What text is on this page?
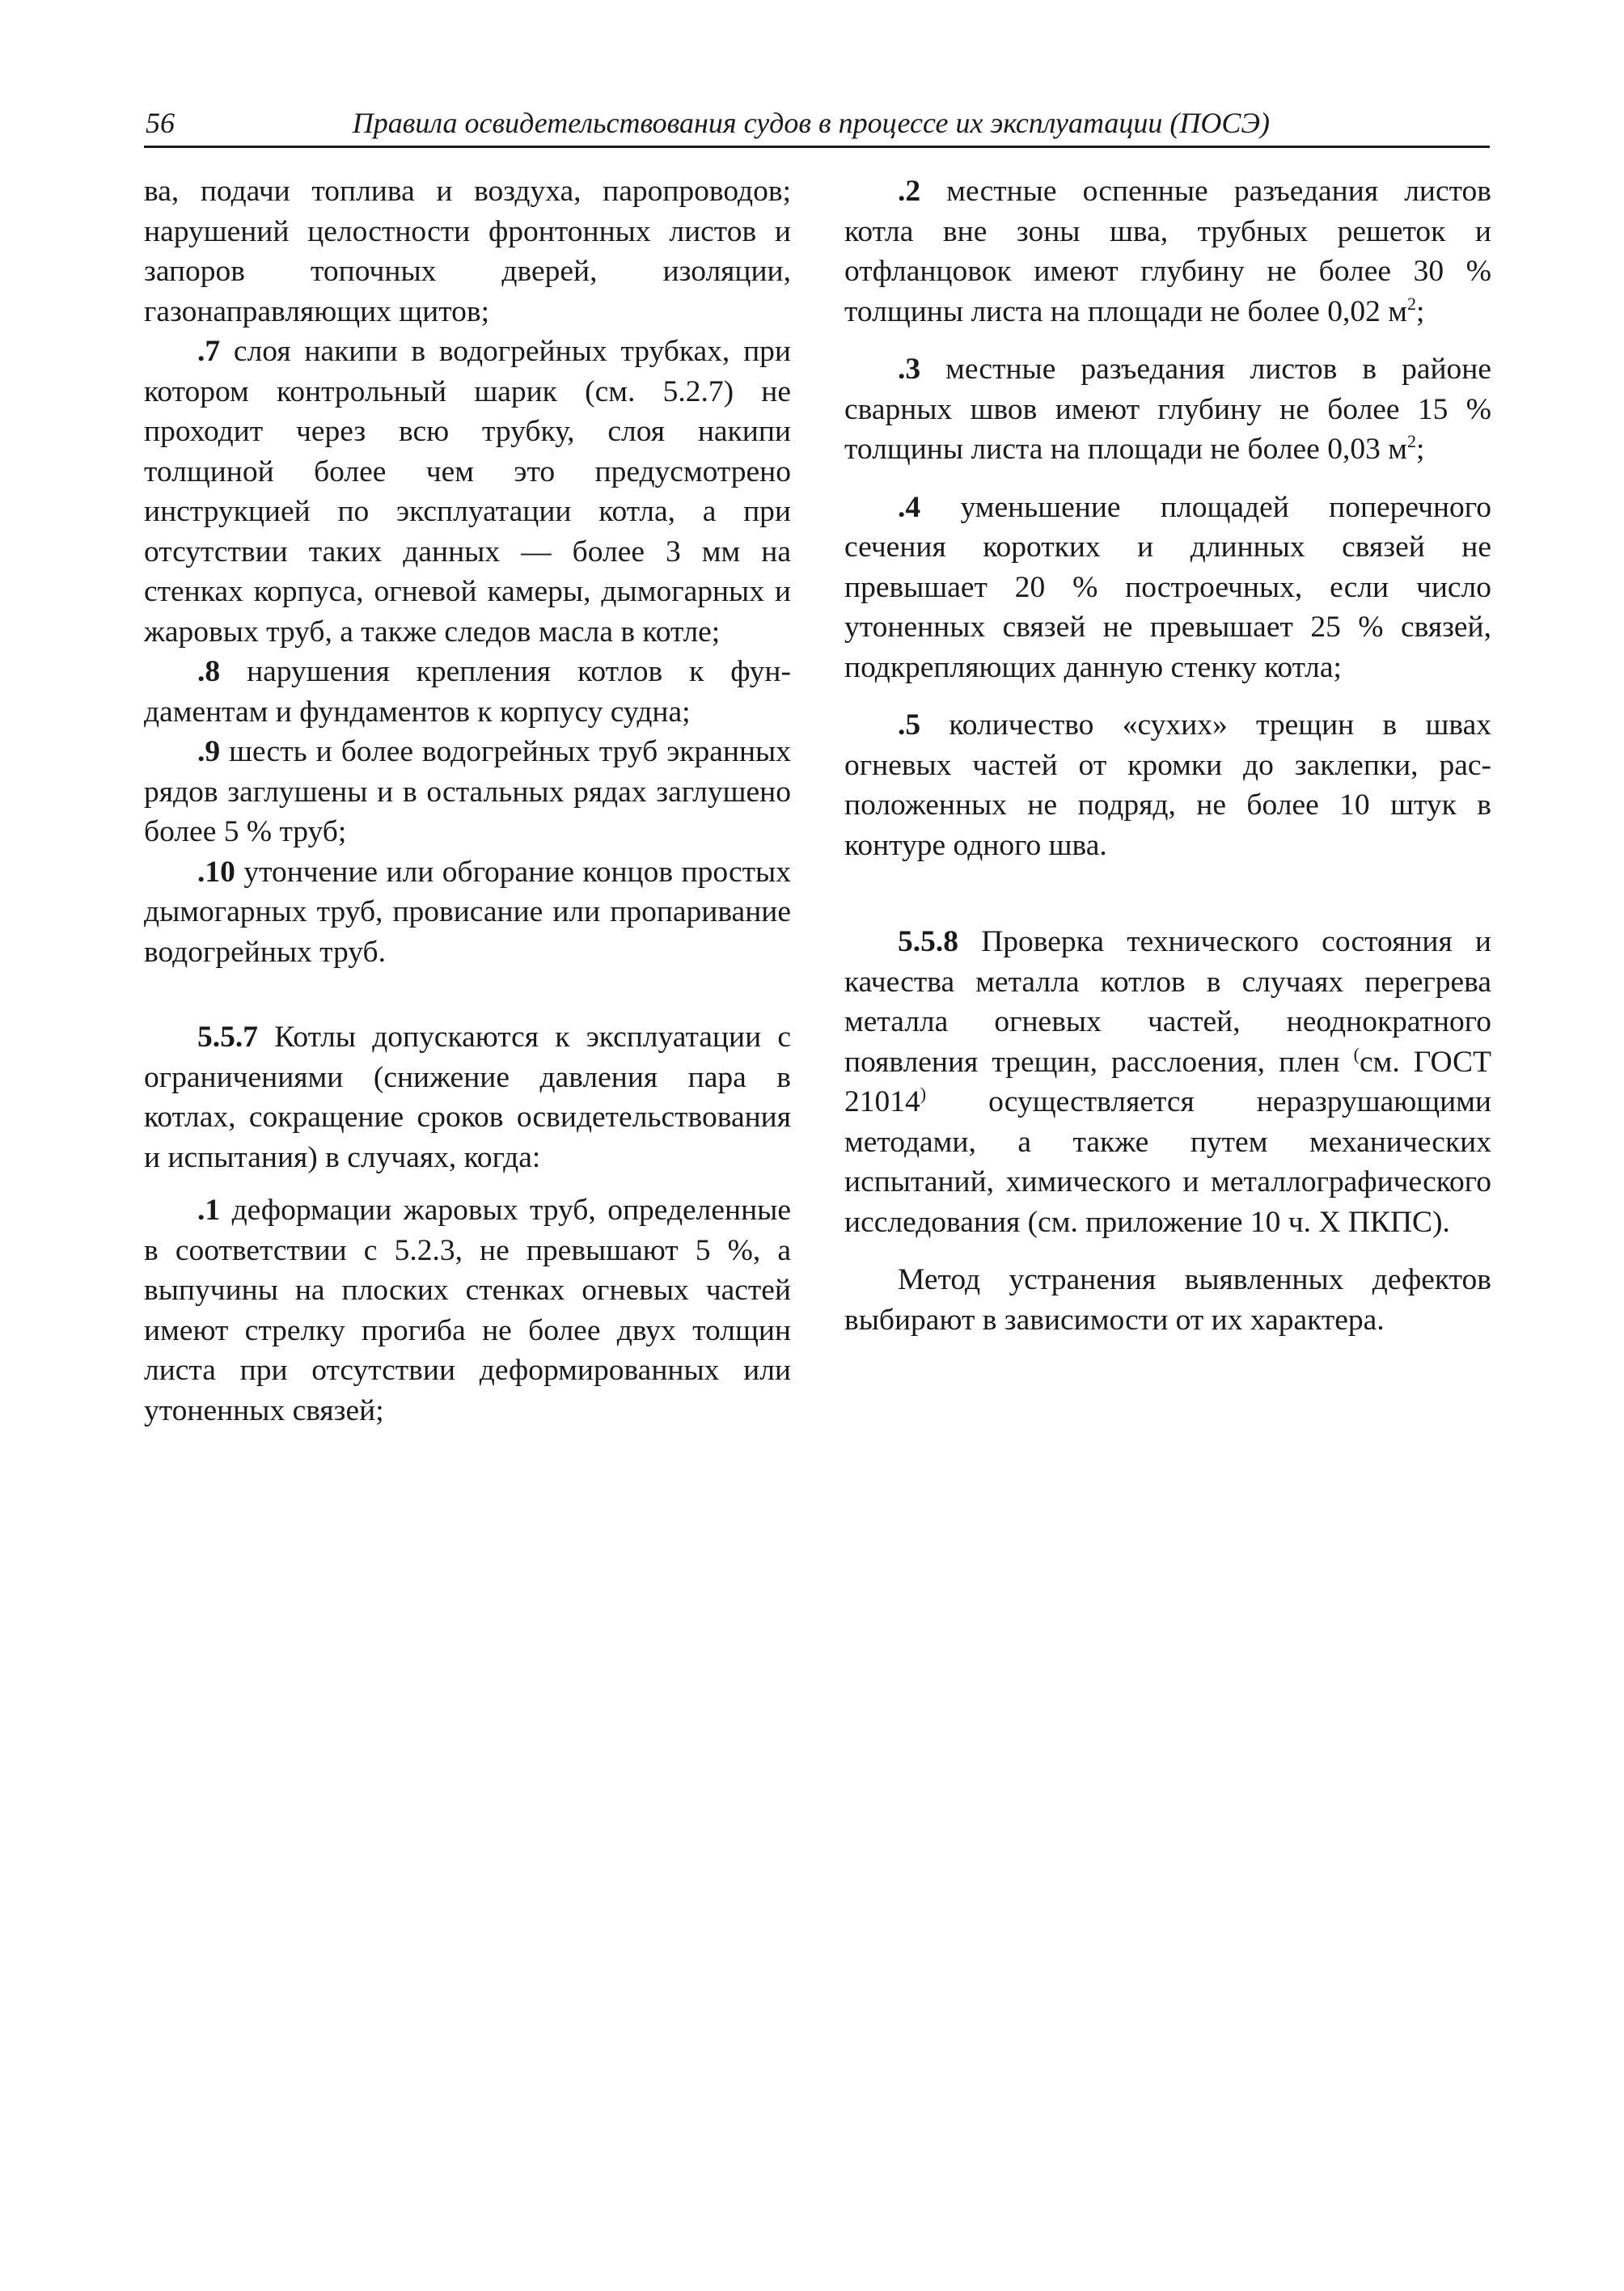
56	Правила освидетельствования судов в процессе их эксплуатации (ПОСЭ)

ва, подачи топлива и воздуха, паропроводов; нарушений целостности фронтонных листов и запоров топочных дверей, изоляции, газонаправляющих щитов;

.7 слоя накипи в водогрейных трубках, при котором контрольный шарик (см. 5.2.7) не проходит через всю трубку, слоя накипи толщиной более чем это предусмотрено инструкцией по эксплуатации котла, а при отсутствии таких данных — более 3 мм на стенках корпуса, огневой камеры, дымогарных и жаровых труб, а также следов масла в котле;

.8 нарушения крепления котлов к фундаментам и фундаментов к корпусу судна;

.9 шесть и более водогрейных труб экранных рядов заглушены и в остальных рядах заглушено более 5 % труб;

.10 утончение или обгорание концов простых дымогарных труб, провисание или пропаривание водогрейных труб.

5.5.7 Котлы допускаются к эксплуатации с ограничениями (снижение давления пара в котлах, сокращение сроков освидетельствования и испытания) в случаях, когда:

.1 деформации жаровых труб, определенные в соответствии с 5.2.3, не превышают 5 %, а выпучины на плоских стенках огневых частей имеют стрелку прогиба не более двух толщин листа при отсутствии деформированных или утоненных связей;

.2 местные оспенные разъедания листов котла вне зоны шва, трубных решеток и отфланцовок имеют глубину не более 30 % толщины листа на площади не более 0,02 $м^2$;

.3 местные разъедания листов в районе сварных швов имеют глубину не более 15 % толщины листа на площади не более 0,03 $м^2$;

.4 уменьшение площадей поперечного сечения коротких и длинных связей не превышает 20 % построечных, если число утоненных связей не превышает 25 % связей, подкрепляющих данную стенку котла;

.5 количество «сухих» трещин в швах огневых частей от кромки до заклепки, расположенных не подряд, не более 10 штук в контуре одного шва.

5.5.8 Проверка технического состояния и качества металла котлов в случаях перегрева металла огневых частей, неоднократного появления трещин, расслоения, плен (см. ГОСТ 21014) осуществляется неразрушающими методами, а также путем механических испытаний, химического и металлографического исследования (см. приложение 10 ч. X ПКПС).

Метод устранения выявленных дефектов выбирают в зависимости от их характера.
